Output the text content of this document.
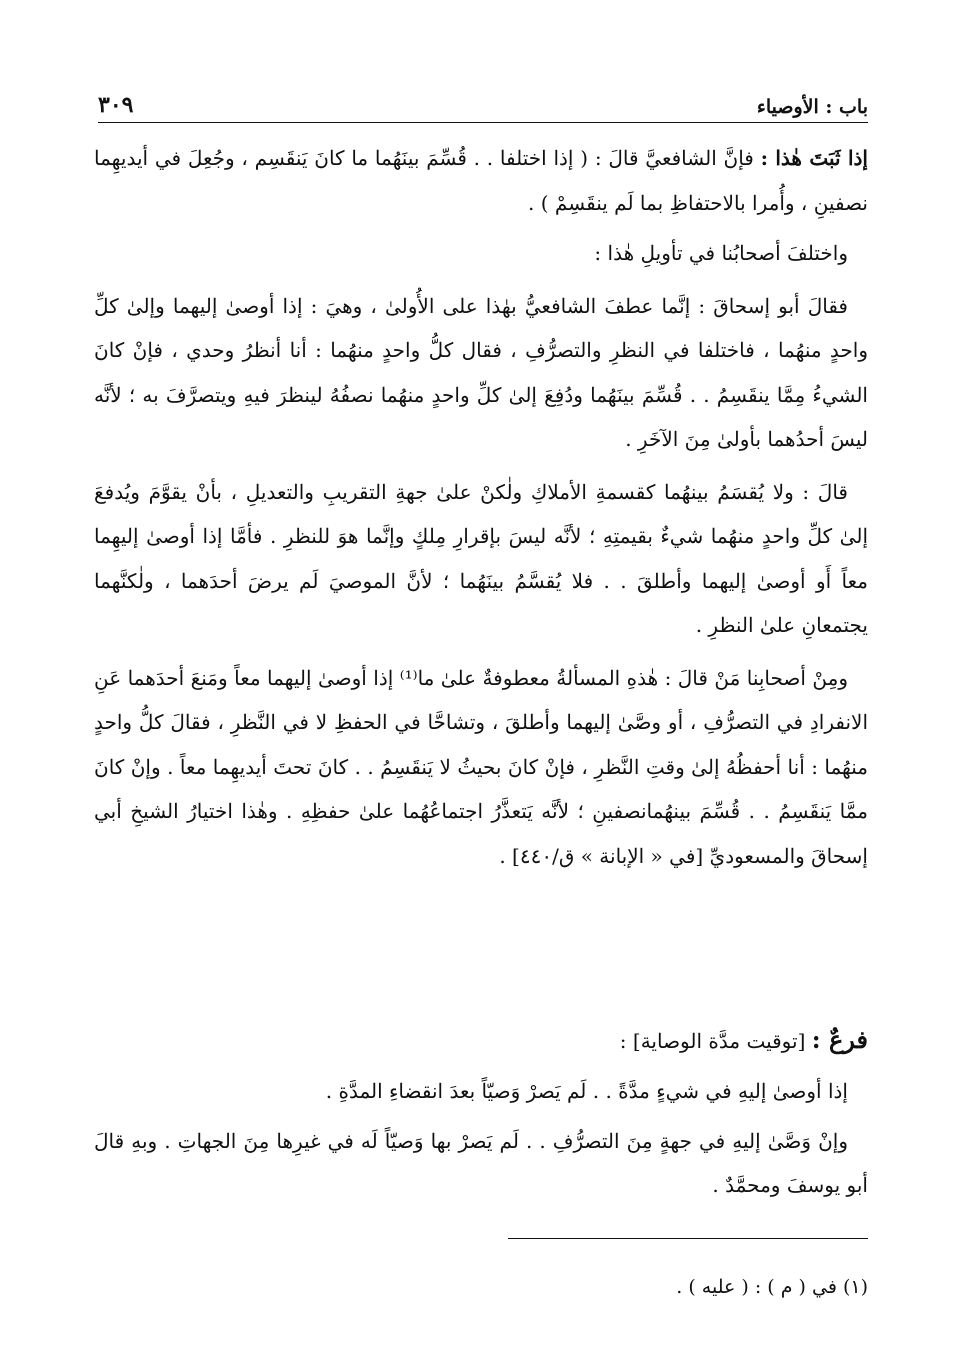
باب : الأوصياء
٣٠٩

إذا ثَبَتَ هٰذا : فإنَّ الشافعيَّ قالَ : ( إذا اختلفا . . قُسِّمَ بينَهُما ما كانَ يَنقَسِم ، وجُعِلَ في أيديهِما نصفينِ ، وأُمرا بالاحتفاظِ بما لَم ينقَسِمْ ) .

واختلفَ أصحابُنا في تأويلِ هٰذا :

فقالَ أبو إسحاقَ : إنَّما عطفَ الشافعيُّ بهٰذا على الأُولىٰ ، وهيَ : إذا أوصىٰ إليهما وإلىٰ كلِّ واحدٍ منهُما ، فاختلفا في النظرِ والتصرُّفِ ، فقال كلُّ واحدٍ منهُما : أنا أنظرُ وحدي ، فإنْ كانَ الشيءُ مِمَّا ينقَسِمُ . . قُسِّمَ بينَهُما ودُفِعَ إلىٰ كلِّ واحدٍ منهُما نصفُهُ لينظرَ فيهِ ويتصرَّفَ به ؛ لأنَّه ليسَ أحدُهما بأولىٰ مِنَ الآخَرِ .

قالَ : ولا يُقسَمُ بينهُما كقسمةِ الأملاكِ ولٰكنْ علىٰ جهةِ التقريبِ والتعديلِ ، بأنْ يقوَّمَ ويُدفعَ إلىٰ كلِّ واحدٍ منهُما شيءٌ بقيمتِهِ ؛ لأنَّه ليسَ بإقرارِ مِلكٍ وإنَّما هوَ للنظرِ . فأمَّا إذا أوصىٰ إليهِما معاً أَو أوصىٰ إليهما وأطلقَ . . فلا يُقسَّمُ بينَهُما ؛ لأنَّ الموصيَ لَم يرضَ أحدَهما ، ولٰكنَّهما يجتمعانِ علىٰ النظرِ .

ومِنْ أصحابِنا مَنْ قالَ : هٰذهِ المسألةُ معطوفةٌ علىٰ ما⁽¹⁾ إذا أوصىٰ إليهما معاً ومَنعَ أحدَهما عَنِ الانفرادِ في التصرُّفِ ، أو وصَّىٰ إليهما وأطلقَ ، وتشاحَّا في الحفظِ لا في النَّظرِ ، فقالَ كلُّ واحدٍ منهُما : أنا أحفظُهُ إلىٰ وقتِ النَّظرِ ، فإنْ كانَ بحيثُ لا يَنقَسِمُ . . كانَ تحتَ أيديهِما معاً . وإنْ كانَ ممَّا يَنقَسِمُ . . قُسِّمَ بينهُمانصفينِ ؛ لأنَّه يَتعذَّرُ اجتماعُهُما علىٰ حفظِهِ . وهٰذا اختيارُ الشيخِ أبي إسحاقَ والمسعوديِّ [في « الإبانة » ق/٤٤٠] .

فرعٌ : [توقيت مدَّة الوصاية] :

إذا أوصىٰ إليهِ في شيءٍ مدَّةً . . لَم يَصرْ وَصيّاً بعدَ انقضاءِ المدَّةِ .

وإنْ وَصَّىٰ إليهِ في جهةٍ مِنَ التصرُّفِ . . لَم يَصرْ بها وَصيّاً لَه في غيرِها مِنَ الجهاتِ . وبهِ قالَ أبو يوسفَ ومحمَّدٌ .

(١) في ( م ) : ( عليه ) .
